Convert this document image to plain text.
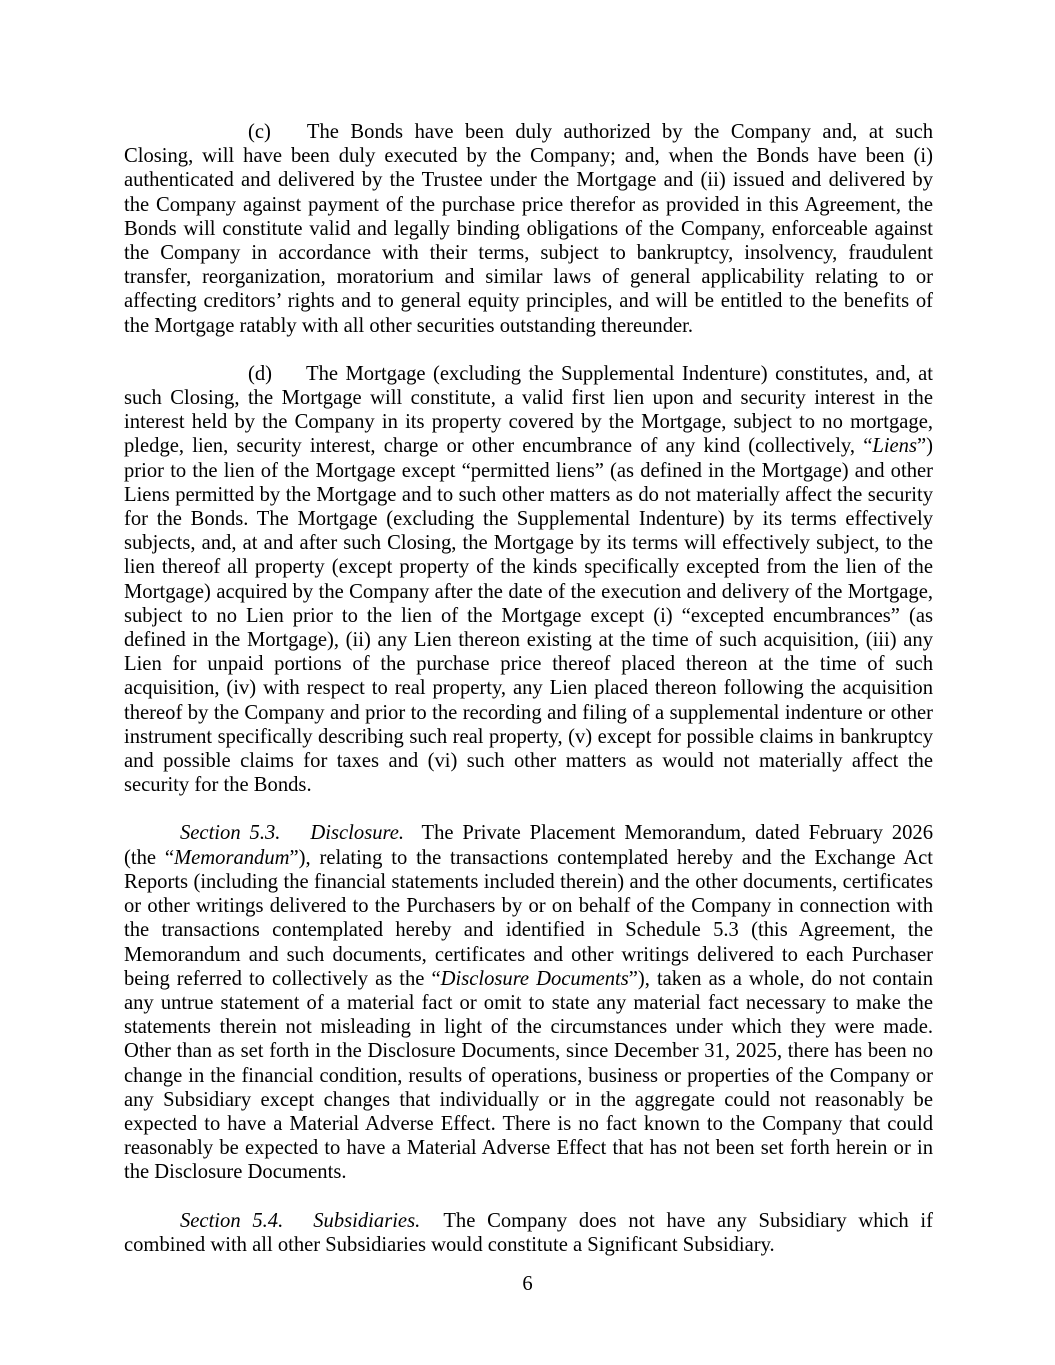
(c) The Bonds have been duly authorized by the Company and, at such Closing, will have been duly executed by the Company; and, when the Bonds have been (i) authenticated and delivered by the Trustee under the Mortgage and (ii) issued and delivered by the Company against payment of the purchase price therefor as provided in this Agreement, the Bonds will constitute valid and legally binding obligations of the Company, enforceable against the Company in accordance with their terms, subject to bankruptcy, insolvency, fraudulent transfer, reorganization, moratorium and similar laws of general applicability relating to or affecting creditors’ rights and to general equity principles, and will be entitled to the benefits of the Mortgage ratably with all other securities outstanding thereunder.

(d) The Mortgage (excluding the Supplemental Indenture) constitutes, and, at such Closing, the Mortgage will constitute, a valid first lien upon and security interest in the interest held by the Company in its property covered by the Mortgage, subject to no mortgage, pledge, lien, security interest, charge or other encumbrance of any kind (collectively, “Liens”) prior to the lien of the Mortgage except “permitted liens” (as defined in the Mortgage) and other Liens permitted by the Mortgage and to such other matters as do not materially affect the security for the Bonds. The Mortgage (excluding the Supplemental Indenture) by its terms effectively subjects, and, at and after such Closing, the Mortgage by its terms will effectively subject, to the lien thereof all property (except property of the kinds specifically excepted from the lien of the Mortgage) acquired by the Company after the date of the execution and delivery of the Mortgage, subject to no Lien prior to the lien of the Mortgage except (i) “excepted encumbrances” (as defined in the Mortgage), (ii) any Lien thereon existing at the time of such acquisition, (iii) any Lien for unpaid portions of the purchase price thereof placed thereon at the time of such acquisition, (iv) with respect to real property, any Lien placed thereon following the acquisition thereof by the Company and prior to the recording and filing of a supplemental indenture or other instrument specifically describing such real property, (v) except for possible claims in bankruptcy and possible claims for taxes and (vi) such other matters as would not materially affect the security for the Bonds.

Section 5.3. Disclosure.  The Private Placement Memorandum, dated February 2026 (the “Memorandum”), relating to the transactions contemplated hereby and the Exchange Act Reports (including the financial statements included therein) and the other documents, certificates or other writings delivered to the Purchasers by or on behalf of the Company in connection with the transactions contemplated hereby and identified in Schedule 5.3 (this Agreement, the Memorandum and such documents, certificates and other writings delivered to each Purchaser being referred to collectively as the “Disclosure Documents”), taken as a whole, do not contain any untrue statement of a material fact or omit to state any material fact necessary to make the statements therein not misleading in light of the circumstances under which they were made. Other than as set forth in the Disclosure Documents, since December 31, 2025, there has been no change in the financial condition, results of operations, business or properties of the Company or any Subsidiary except changes that individually or in the aggregate could not reasonably be expected to have a Material Adverse Effect. There is no fact known to the Company that could reasonably be expected to have a Material Adverse Effect that has not been set forth herein or in the Disclosure Documents.

Section 5.4. Subsidiaries.  The Company does not have any Subsidiary which if combined with all other Subsidiaries would constitute a Significant Subsidiary.

6
